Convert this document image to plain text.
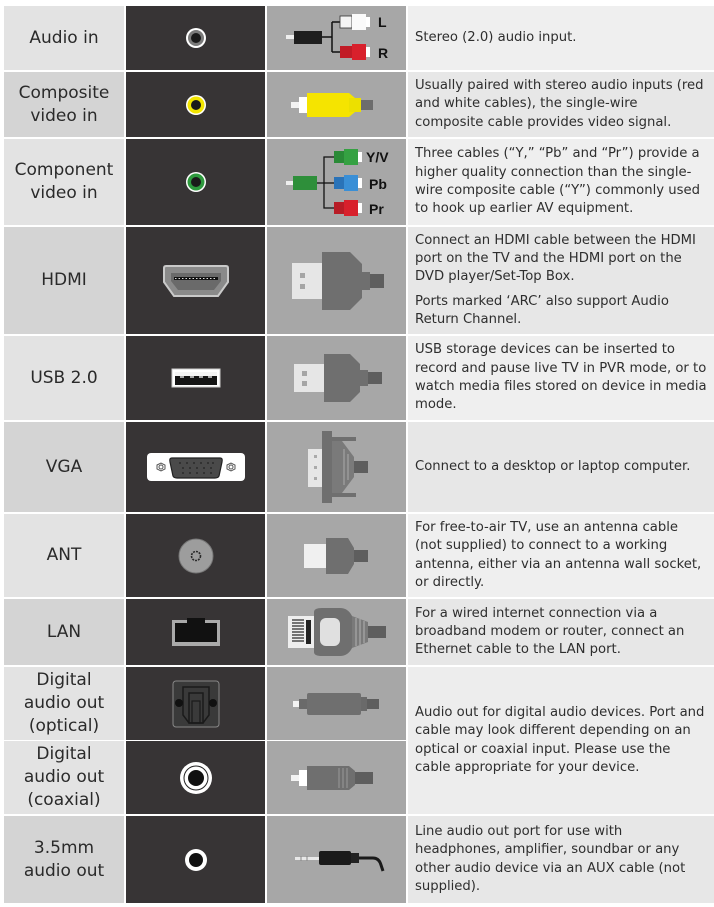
Audio in
L
R

Stereo (2.0) audio input.

Composite
video in

Usually paired with stereo audio inputs (red and white cables), the single-wire composite cable provides video signal.

Component
video in
Y/V
Pb
Pr

Three cables (“Y,” “Pb” and “Pr”) provide a higher quality connection than the single-wire composite cable (“Y”) commonly used to hook up earlier AV equipment.

HDMI

Connect an HDMI cable between the HDMI port on the TV and the HDMI port on the DVD player/Set-Top Box.

Ports marked ‘ARC’ also support Audio Return Channel.

USB 2.0

USB storage devices can be inserted to record and pause live TV in PVR mode, or to watch media files stored on device in media mode.

VGA	Connect to a desktop or laptop computer.

ANT

For free-to-air TV, use an antenna cable (not supplied) to connect to a working antenna, either via an antenna wall socket, or directly.

LAN

For a wired internet connection via a broadband modem or router, connect an Ethernet cable to the LAN port.

Digital
audio out
(optical)
Digital
audio out
(coaxial)

Audio out for digital audio devices. Port and cable may look different depending on an optical or coaxial input. Please use the cable appropriate for your device.

3.5mm
audio out

Line audio out port for use with headphones, amplifier, soundbar or any other audio device via an AUX cable (not supplied).
